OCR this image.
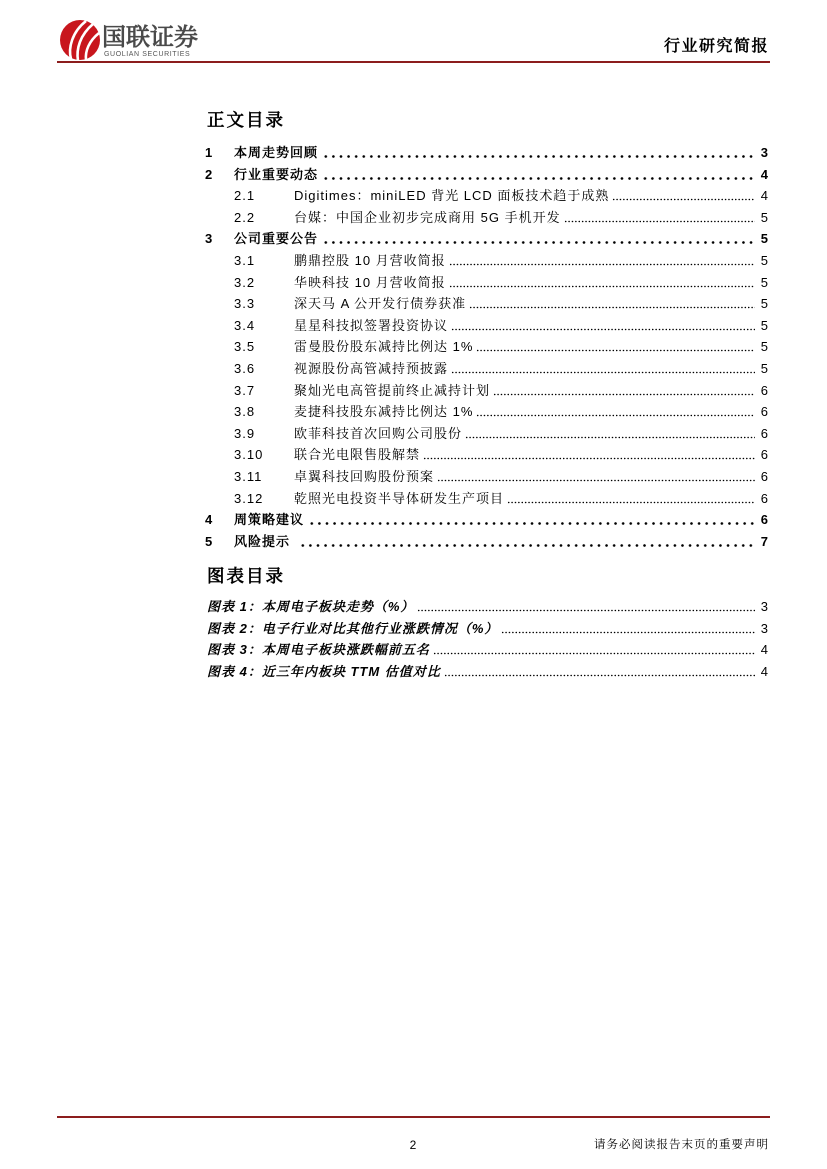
国联证券
GUOLIAN SECURITIES	行业研究简报
正文目录
1	本周走势回顾	3
2	行业重要动态	4
2.1	Digitimes：miniLED 背光 LCD 面板技术趋于成熟	4
2.2	台媒：中国企业初步完成商用 5G 手机开发	5
3	公司重要公告	5
3.1	鹏鼎控股 10 月营收简报	5
3.2	华映科技 10 月营收简报	5
3.3	深天马 A 公开发行债券获准	5
3.4	星星科技拟签署投资协议	5
3.5	雷曼股份股东减持比例达 1%	5
3.6	视源股份高管减持预披露	5
3.7	聚灿光电高管提前终止减持计划	6
3.8	麦捷科技股东减持比例达 1%	6
3.9	欧菲科技首次回购公司股份	6
3.10	联合光电限售股解禁	6
3.11	卓翼科技回购股份预案	6
3.12	乾照光电投资半导体研发生产项目	6
4	周策略建议	6
5	风险提示	7
图表目录
图表 1：本周电子板块走势（%）	3
图表 2：电子行业对比其他行业涨跌情况（%）	3
图表 3：本周电子板块涨跌幅前五名	4
图表 4：近三年内板块 TTM 估值对比	4
2	请务必阅读报告末页的重要声明
